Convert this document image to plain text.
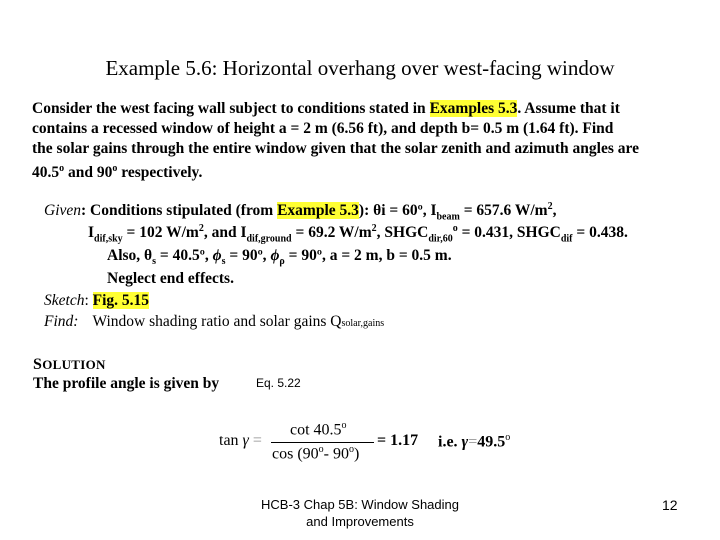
Example 5.6: Horizontal overhang over west-facing window
Consider the west facing wall subject to conditions stated in Examples 5.3. Assume that it
contains a recessed window of height a = 2 m (6.56 ft), and depth b= 0.5 m (1.64 ft). Find
the solar gains through the entire window given that the solar zenith and azimuth angles are
40.5$^o$ and 90$^o$ respectively.
Given: Conditions stipulated (from Example 5.3): θi = 60º, $I_{beam} = 657.6$ $W/m^2$,
$I_{dif,sky} = 102$ $W/m^2$, and $I_{dif,ground} = 69.2$ $W/m^2$, $SHGC_{dir,60}^o = 0.431$, $SHGC_{dif} = 0.438$.
Also, $\theta_s$ = 40.5º, $\phi_s$ = 90º, $\phi_\rho$ = 90º, a = 2 m, b = 0.5 m.
Neglect end effects.
Sketch: Fig. 5.15
Find: Window shading ratio and solar gains Qsolar,gains
SOLUTION
The profile angle is given by	Eq. 5.22
tan γ =
cot 40.5$^o$
cos (90$^o$- $90^o$)
= 1.17 i.e. $\gamma=49.5^o$
HCB-3 Chap 5B: Window Shading and Improvements
12
